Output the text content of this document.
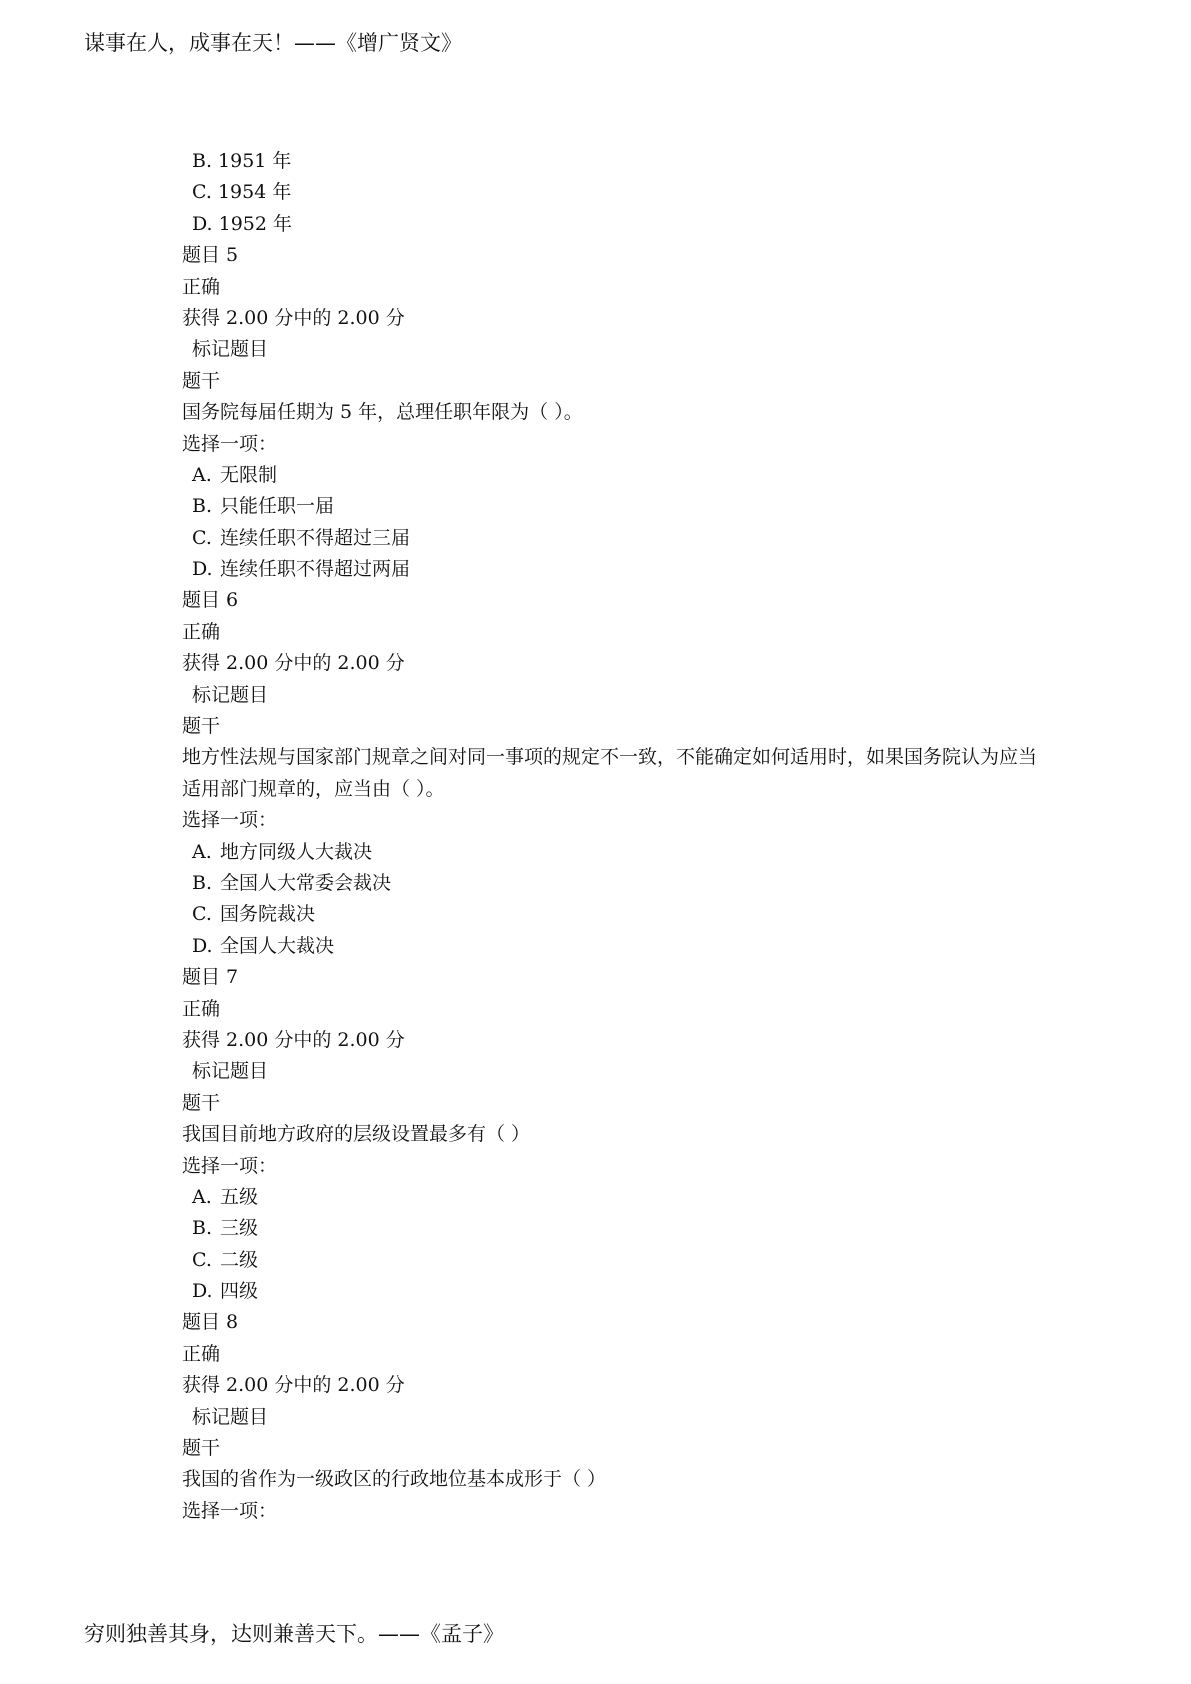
谋事在人，成事在天！——《增广贤文》
B. 1951 年
C. 1954 年
D. 1952 年
题目 5
正确
获得 2.00 分中的 2.00 分
标记题目
题干
国务院每届任期为 5 年，总理任职年限为（ ）。
选择一项：
A. 无限制
B. 只能任职一届
C. 连续任职不得超过三届
D. 连续任职不得超过两届
题目 6
正确
获得 2.00 分中的 2.00 分
标记题目
题干
地方性法规与国家部门规章之间对同一事项的规定不一致，不能确定如何适用时，如果国务院认为应当适用部门规章的，应当由（ ）。
选择一项：
A. 地方同级人大裁决
B. 全国人大常委会裁决
C. 国务院裁决
D. 全国人大裁决
题目 7
正确
获得 2.00 分中的 2.00 分
标记题目
题干
我国目前地方政府的层级设置最多有（ ）
选择一项：
A. 五级
B. 三级
C. 二级
D. 四级
题目 8
正确
获得 2.00 分中的 2.00 分
标记题目
题干
我国的省作为一级政区的行政地位基本成形于（ ）
选择一项：
穷则独善其身，达则兼善天下。——《孟子》
